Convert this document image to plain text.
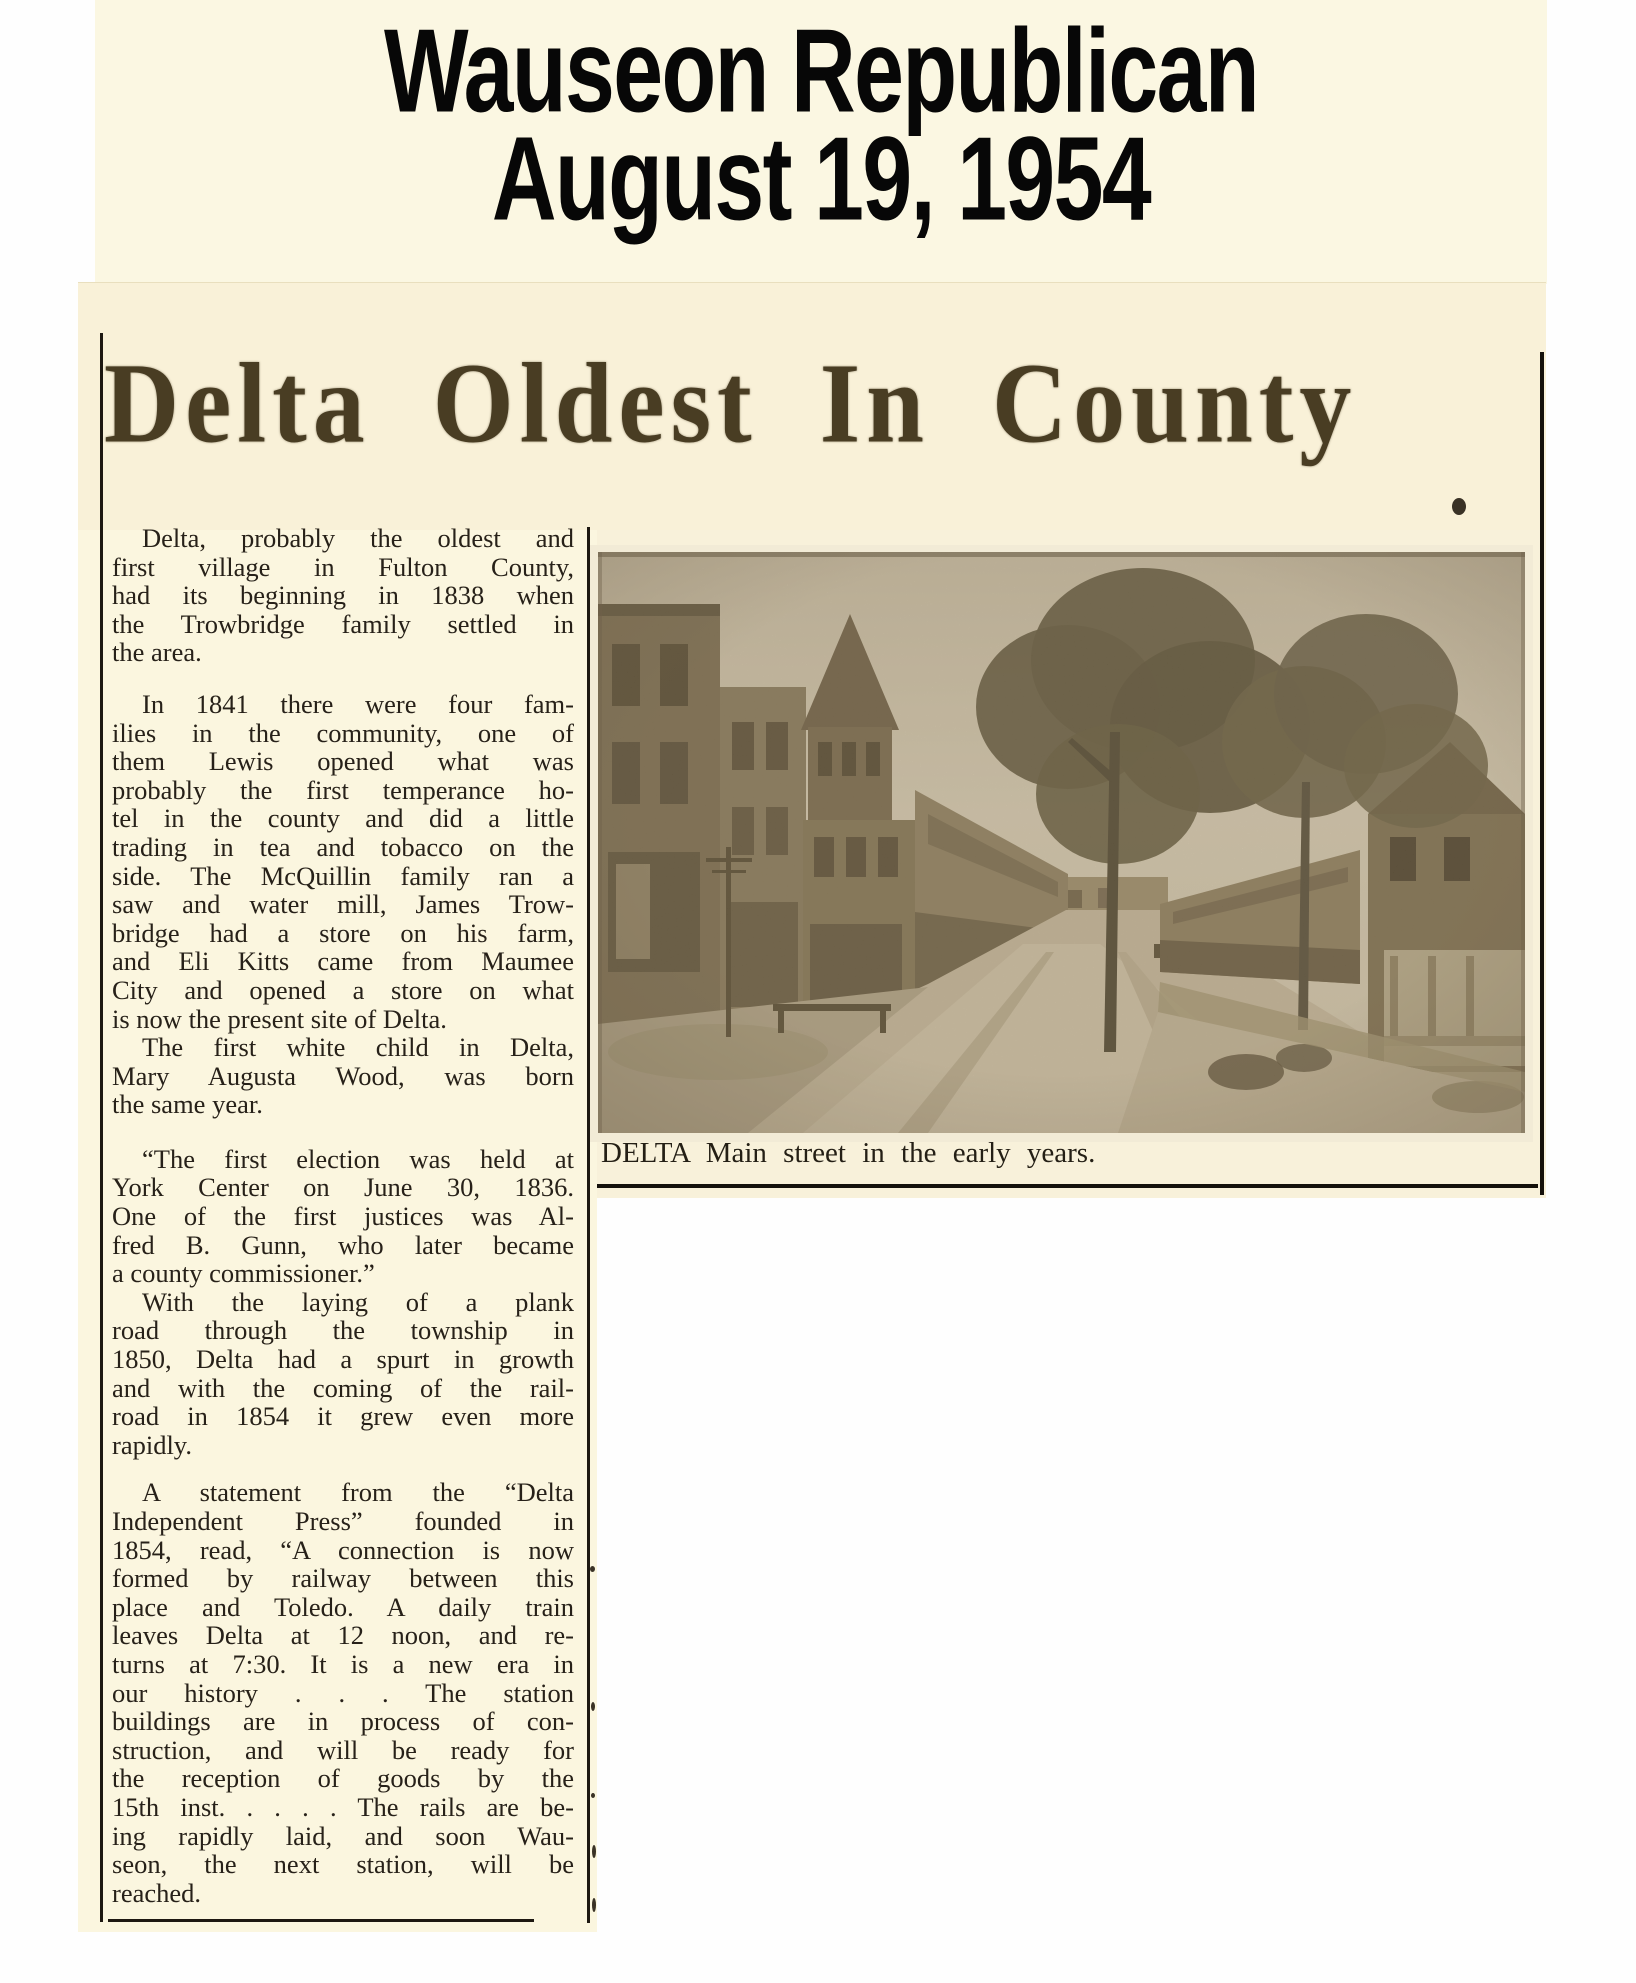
Wauseon Republican
August 19, 1954
Delta Oldest In County
DELTA Main street in the early years.
Delta, probably the oldest and
first village in Fulton County,
had its beginning in 1838 when
the Trowbridge family settled in
the area.
In 1841 there were four fam-
ilies in the community, one of
them Lewis opened what was
probably the first temperance ho-
tel in the county and did a little
trading in tea and tobacco on the
side. The McQuillin family ran a
saw and water mill, James Trow-
bridge had a store on his farm,
and Eli Kitts came from Maumee
City and opened a store on what
is now the present site of Delta.
The first white child in Delta,
Mary Augusta Wood, was born
the same year.
“The first election was held at
York Center on June 30, 1836.
One of the first justices was Al-
fred B. Gunn, who later became
a county commissioner.”
With the laying of a plank
road through the township in
1850, Delta had a spurt in growth
and with the coming of the rail-
road in 1854 it grew even more
rapidly.
A statement from the “Delta
Independent Press” founded in
1854, read, “A connection is now
formed by railway between this
place and Toledo. A daily train
leaves Delta at 12 noon, and re-
turns at 7:30. It is a new era in
our history . . . The station
buildings are in process of con-
struction, and will be ready for
the reception of goods by the
15th inst. . . . . The rails are be-
ing rapidly laid, and soon Wau-
seon, the next station, will be
reached.
